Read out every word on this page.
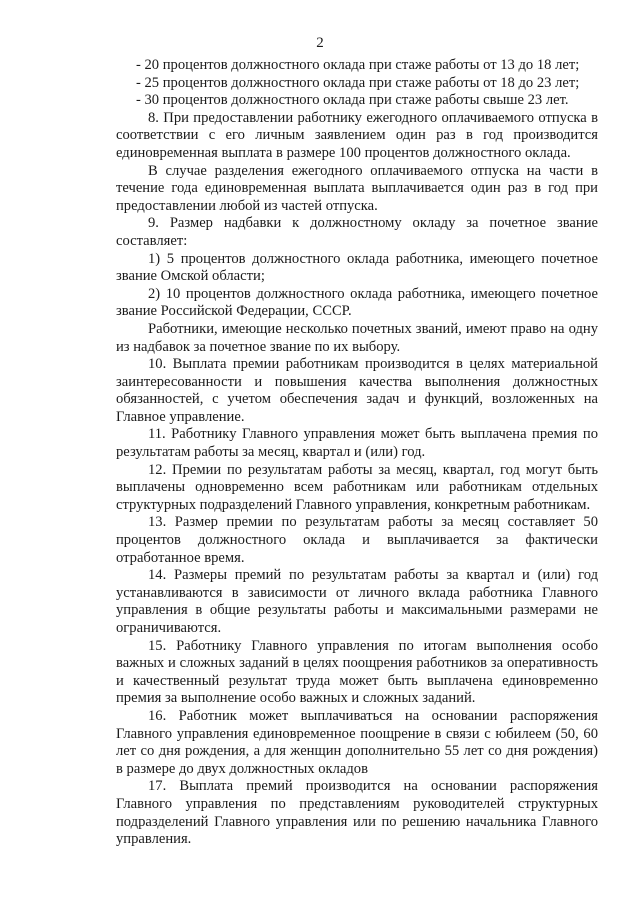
2

- 20 процентов должностного оклада при стаже работы от 13 до 18 лет;

- 25 процентов должностного оклада при стаже работы от 18 до 23 лет;

- 30 процентов должностного оклада при стаже работы свыше 23 лет.

8. При предоставлении работнику ежегодного оплачиваемого отпуска в соответствии с его личным заявлением один раз в год производится единовременная выплата в размере 100 процентов должностного оклада.

В случае разделения ежегодного оплачиваемого отпуска на части в течение года единовременная выплата выплачивается один раз в год при предоставлении любой из частей отпуска.

9. Размер надбавки к должностному окладу за почетное звание составляет:

1) 5 процентов должностного оклада работника, имеющего почетное звание Омской области;

2) 10 процентов должностного оклада работника, имеющего почетное звание Российской Федерации, СССР.

Работники, имеющие несколько почетных званий, имеют право на одну из надбавок за почетное звание по их выбору.

10. Выплата премии работникам производится в целях материальной заинтересованности и повышения качества выполнения должностных обязанностей, с учетом обеспечения задач и функций, возложенных на Главное управление.

11. Работнику Главного управления может быть выплачена премия по результатам работы за месяц, квартал и (или) год.

12. Премии по результатам работы за месяц, квартал, год могут быть выплачены одновременно всем работникам или работникам отдельных структурных подразделений Главного управления, конкретным работникам.

13. Размер премии по результатам работы за месяц составляет 50 процентов должностного оклада и выплачивается за фактически отработанное время.

14. Размеры премий по результатам работы за квартал и (или) год устанавливаются в зависимости от личного вклада работника Главного управления в общие результаты работы и максимальными размерами не ограничиваются.

15. Работнику Главного управления по итогам выполнения особо важных и сложных заданий в целях поощрения работников за оперативность и качественный результат труда может быть выплачена единовременно премия за выполнение особо важных и сложных заданий.

16. Работник может выплачиваться на основании распоряжения Главного управления единовременное поощрение в связи с юбилеем (50, 60 лет со дня рождения, а для женщин дополнительно 55 лет со дня рождения) в размере до двух должностных окладов

17. Выплата премий производится на основании распоряжения Главного управления по представлениям руководителей структурных подразделений Главного управления или по решению начальника Главного управления.
